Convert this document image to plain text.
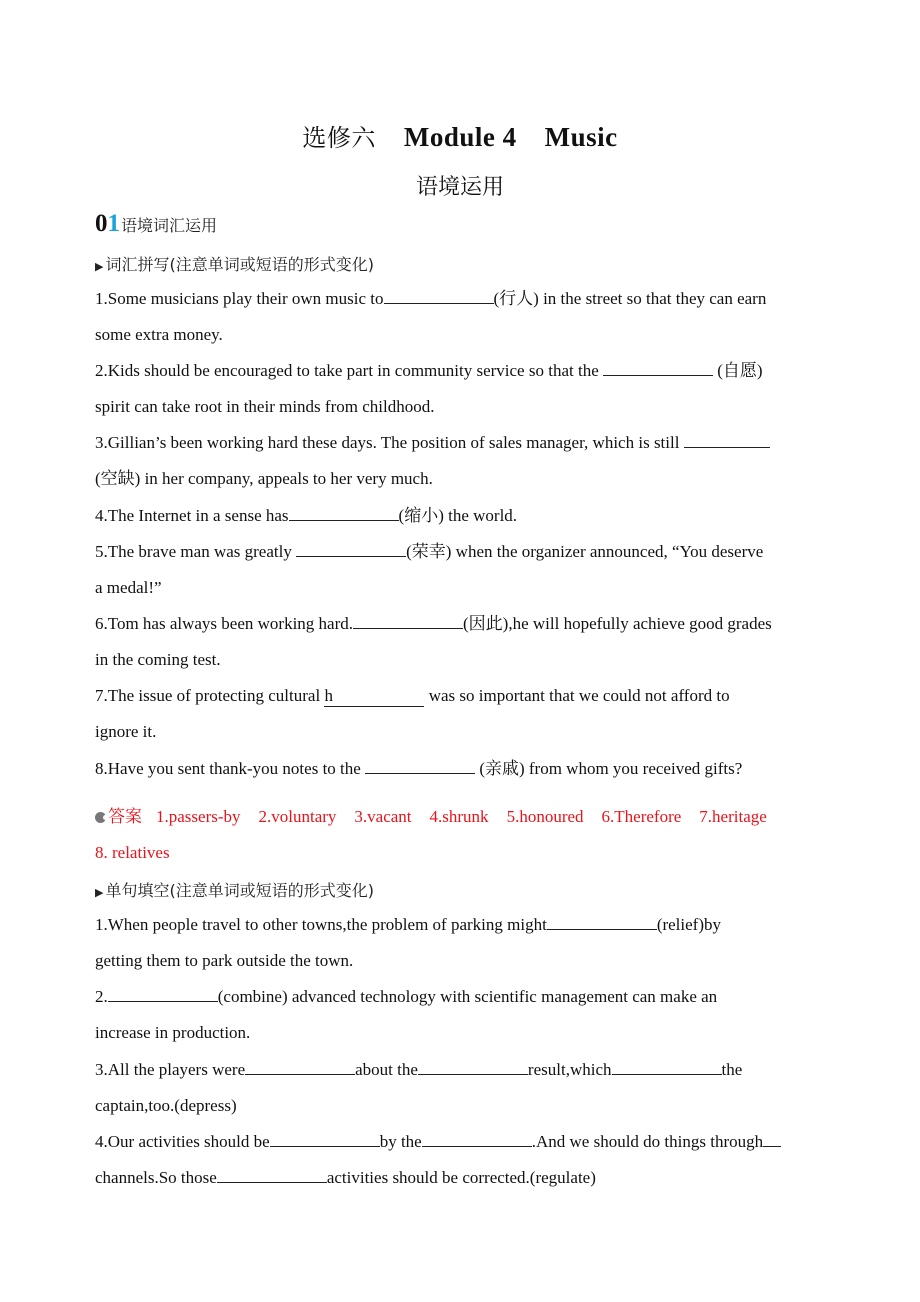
选修六 Module 4 Music
语境运用
0 1 语境词汇运用
▶ 词汇拼写(注意单词或短语的形式变化)
1.Some musicians play their own music to	(行人) in the street so that they can earn
some extra money.
2.Kids should be encouraged to take part in community service so that the	(自愿)
spirit can take root in their minds from childhood.
3.Gillian’s been working hard these days. The position of sales manager, which is still
(空缺) in her company, appeals to her very much.
4.The Internet in a sense has	(缩小) the world.
5.The brave man was greatly	(荣幸) when the organizer announced, “You deserve
a medal!”
6.Tom has always been working hard.	(因此),he will hopefully achieve good grades
in the coming test.
7.The issue of protecting cultural h	was so important that we could not afford to
ignore it.
8.Have you sent thank-you notes to the	(亲戚) from whom you received gifts?
答案 1.passers-by 2.voluntary 3.vacant 4.shrunk 5.honoured 6.Therefore 7.heritage
8. relatives
▶ 单句填空(注意单词或短语的形式变化)
1.When people travel to other towns,the problem of parking might	(relief)by
getting them to park outside the town.
2.	(combine) advanced technology with scientific management can make an
increase in production.
3.All the players were	about the	result,which	the
captain,too.(depress)
4.Our activities should be	by the	.And we should do things through
channels.So those	activities should be corrected.(regulate)
